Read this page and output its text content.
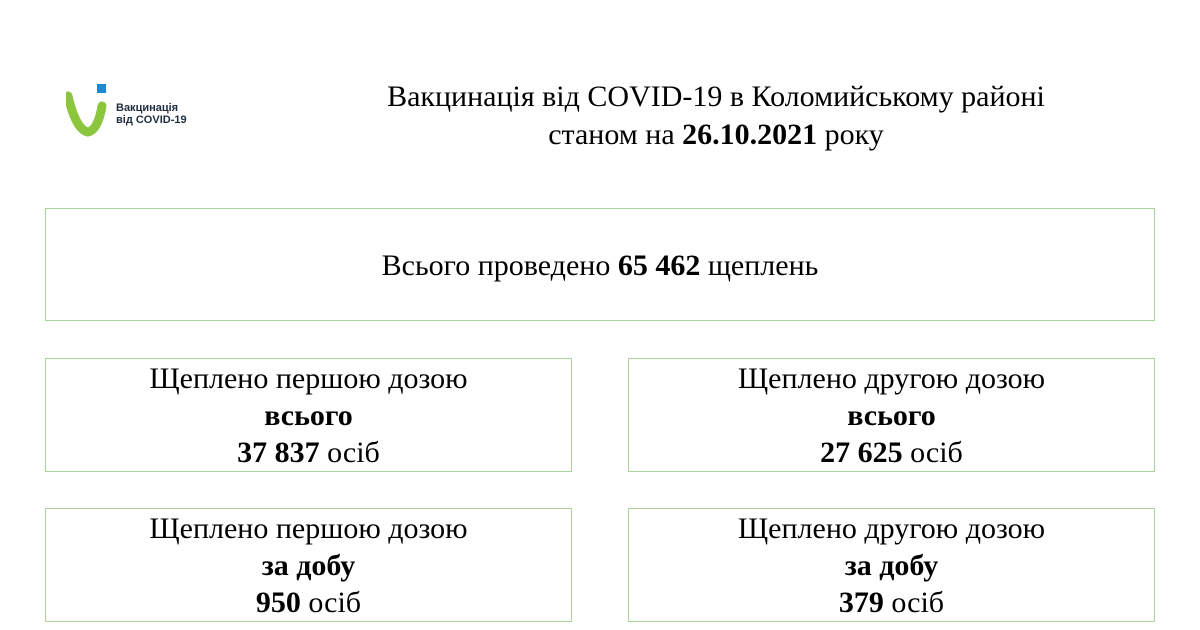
Вакцинація
від COVID-19
Вакцинація від COVID-19 в Коломийському районі
станом на 26.10.2021 року
Всього проведено 65 462 щеплень
Щеплено першою дозою
всього
37 837 осіб
Щеплено другою дозою
всього
27 625 осіб
Щеплено першою дозою
за добу
950 осіб
Щеплено другою дозою
за добу
379 осіб
